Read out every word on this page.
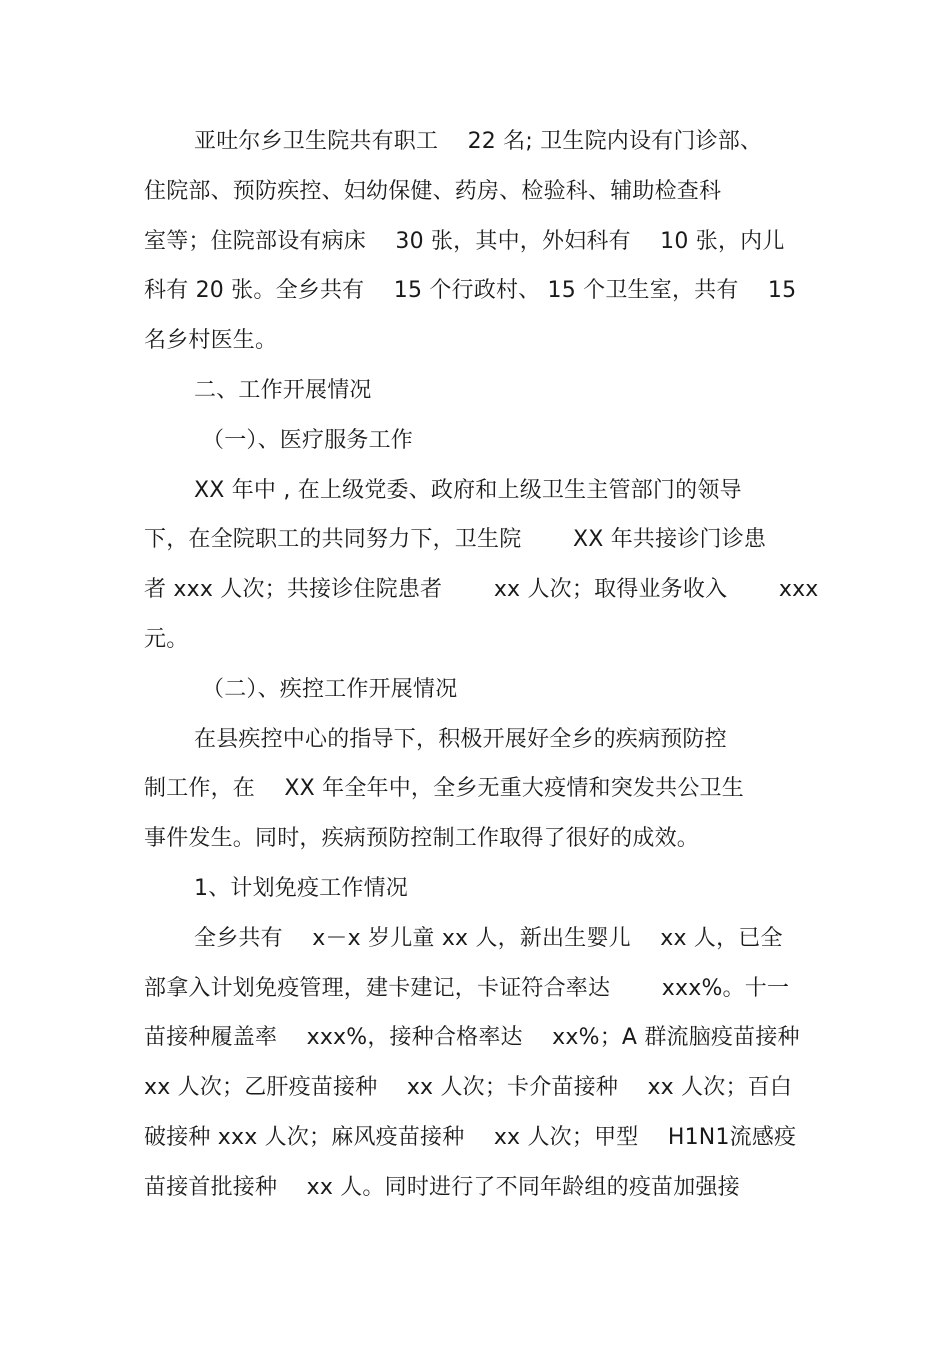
亚吐尔乡卫生院共有职工 　22 名; 卫生院内设有门诊部、
住院部、预防疾控、妇幼保健、药房、检验科、辅助检查科
室等；住院部设有病床 　30 张，其中，外妇科有 　10 张，内儿
科有 20 张。全乡共有 　15 个行政村、 15 个卫生室，共有 　15
名乡村医生。
二、工作开展情况
（一）、医疗服务工作
XX 年中 , 在上级党委、政府和上级卫生主管部门的领导
下，在全院职工的共同努力下，卫生院 　　XX 年共接诊门诊患
者 xxx 人次；共接诊住院患者 　　xx 人次；取得业务收入 　　xxx
元。
（二）、疾控工作开展情况
在县疾控中心的指导下，积极开展好全乡的疾病预防控
制工作，在 　XX 年全年中，全乡无重大疫情和突发共公卫生
事件发生。同时，疾病预防控制工作取得了很好的成效。
1、计划免疫工作情况
全乡共有 　x－x 岁儿童 xx 人，新出生婴儿 　xx 人，已全
部拿入计划免疫管理，建卡建记，卡证符合率达 　　xxx%。十一
苗接种履盖率 　xxx%，接种合格率达 　xx%；A 群流脑疫苗接种
xx 人次；乙肝疫苗接种 　xx 人次；卡介苗接种 　xx 人次；百白
破接种 xxx 人次；麻风疫苗接种 　xx 人次；甲型 　H1N1流感疫
苗接首批接种 　xx 人。同时进行了不同年龄组的疫苗加强接
